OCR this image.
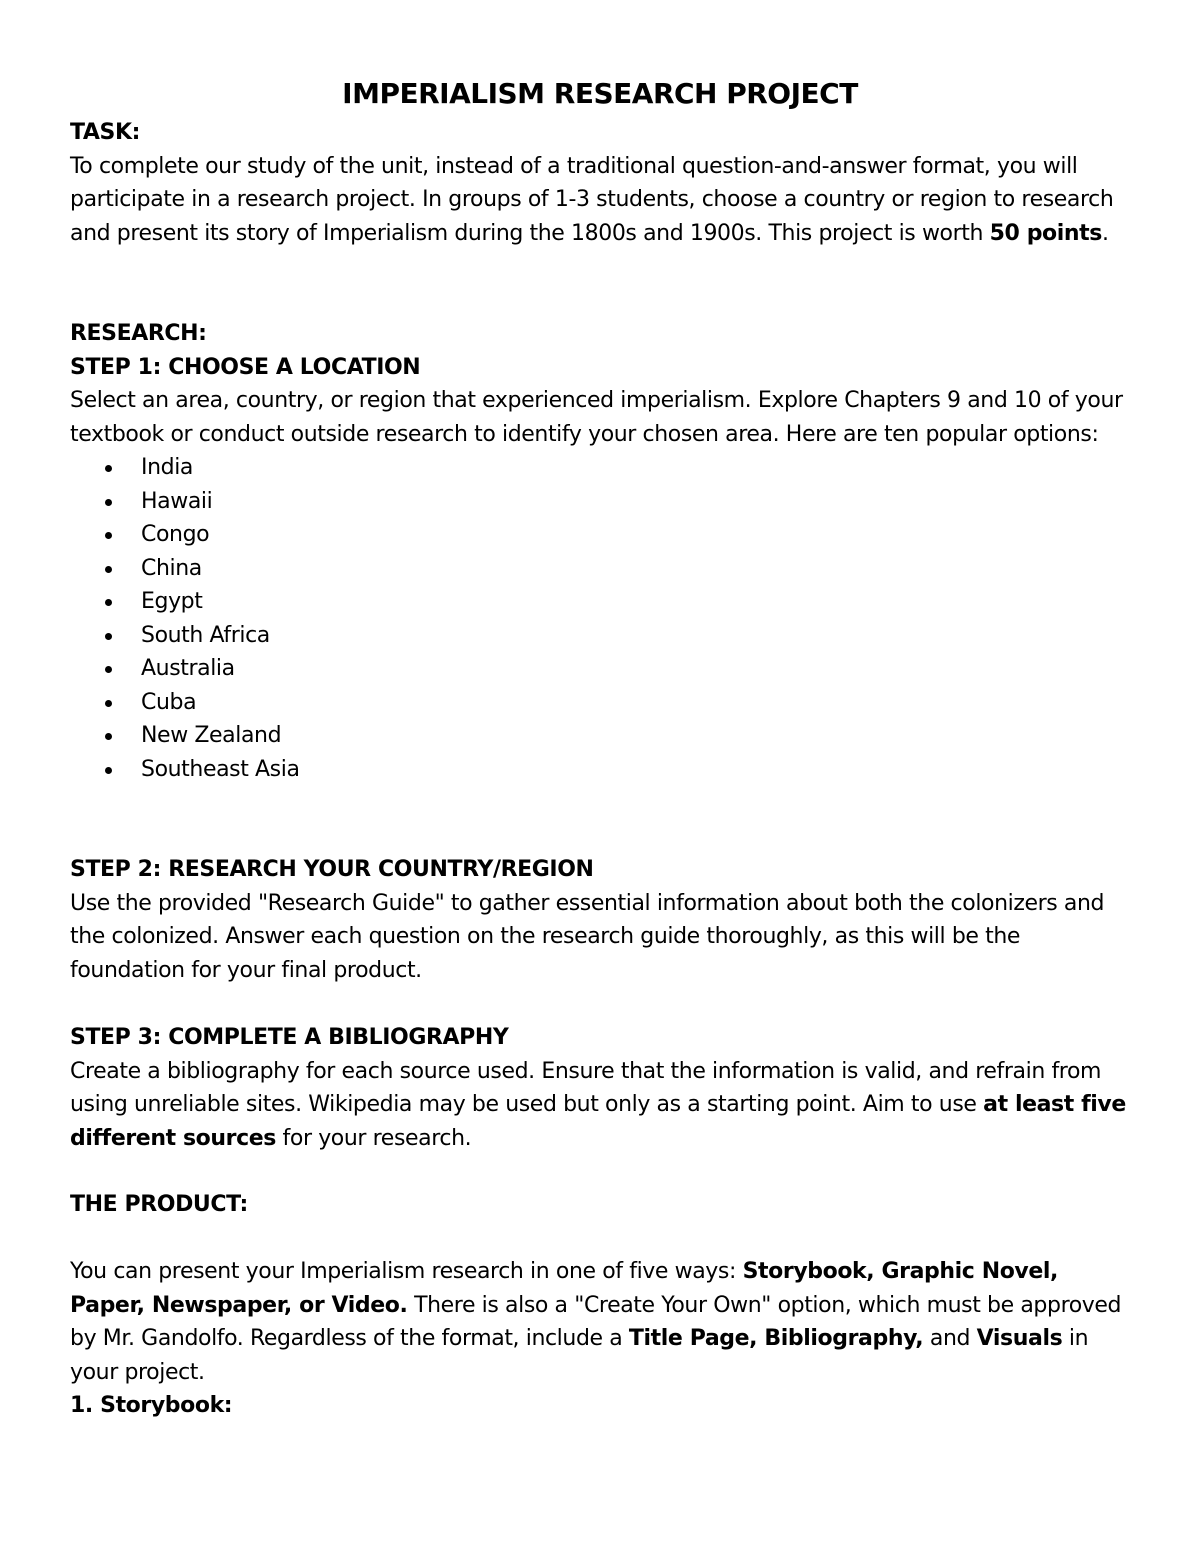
IMPERIALISM RESEARCH PROJECT

TASK:

To complete our study of the unit, instead of a traditional question-and-answer format, you will participate in a research project. In groups of 1-3 students, choose a country or region to research and present its story of Imperialism during the 1800s and 1900s. This project is worth 50 points.

RESEARCH:

STEP 1: CHOOSE A LOCATION

Select an area, country, or region that experienced imperialism. Explore Chapters 9 and 10 of your textbook or conduct outside research to identify your chosen area. Here are ten popular options:

India
Hawaii
Congo
China
Egypt
South Africa
Australia
Cuba
New Zealand
Southeast Asia

STEP 2: RESEARCH YOUR COUNTRY/REGION

Use the provided "Research Guide" to gather essential information about both the colonizers and the colonized. Answer each question on the research guide thoroughly, as this will be the foundation for your final product.

STEP 3: COMPLETE A BIBLIOGRAPHY

Create a bibliography for each source used. Ensure that the information is valid, and refrain from using unreliable sites. Wikipedia may be used but only as a starting point. Aim to use at least five different sources for your research.

THE PRODUCT:

You can present your Imperialism research in one of five ways: Storybook, Graphic Novel, Paper, Newspaper, or Video. There is also a "Create Your Own" option, which must be approved by Mr. Gandolfo. Regardless of the format, include a Title Page, Bibliography, and Visuals in your project.

1. Storybook:
